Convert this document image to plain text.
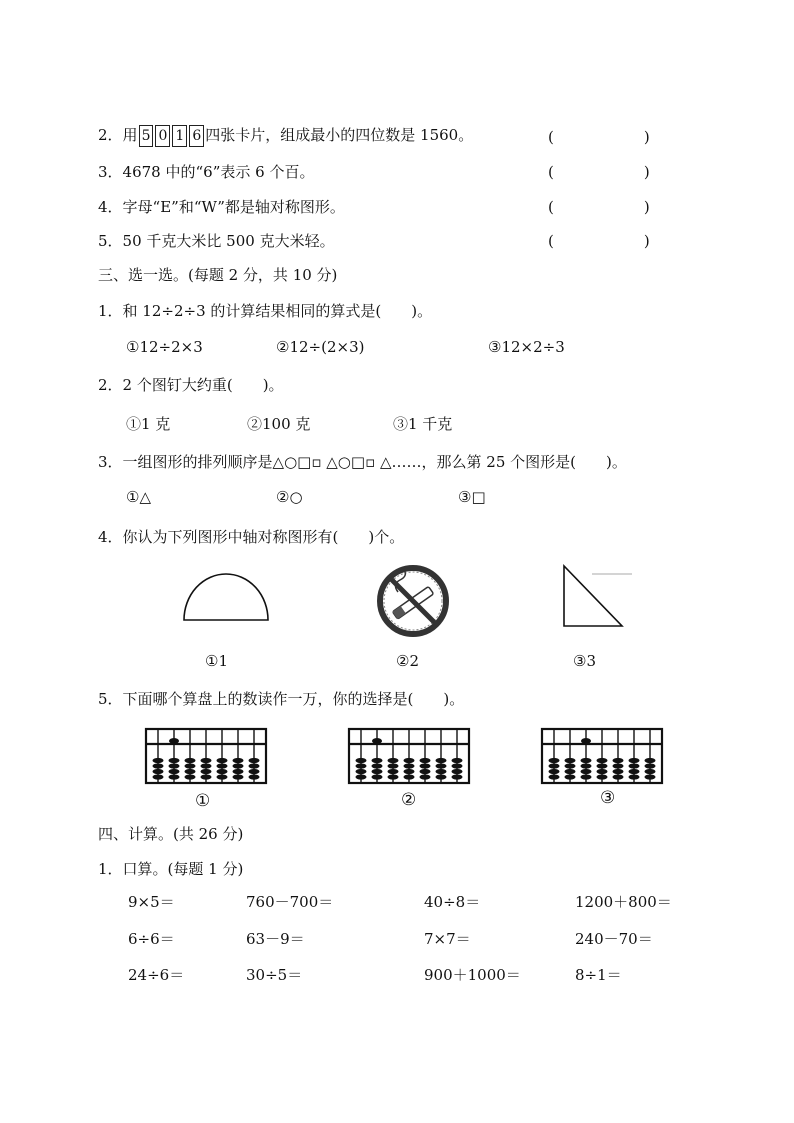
2．用 5 0 1 6 四张卡片，组成最小的四位数是 1560。	(　　)
3．4678 中的“6”表示 6 个百。	(　　)
4．字母“E”和“W”都是轴对称图形。	(　　)
5．50 千克大米比 500 克大米轻。	(　　)
三、选一选。(每题 2 分，共 10 分)
1．和 12÷2÷3 的计算结果相同的算式是(　　)。
①12÷2×3	②12÷(2×3)	③12×2÷3
2．2 个图钉大约重(　　)。
①1 克	②100 克	③1 千克
3．一组图形的排列顺序是△○□▫ △○□▫ △……，那么第 25 个图形是(　　)。
①△	②○	③□
4．你认为下列图形中轴对称图形有(　　)个。
①1	②2	③3
5．下面哪个算盘上的数读作一万，你的选择是(　　)。
①	②	③
四、计算。(共 26 分)
1．口算。(每题 1 分)
9×5＝	760－700＝	40÷8＝	1200＋800＝
6÷6＝	63－9＝	7×7＝	240－70＝
24÷6＝	30÷5＝	900＋1000＝	8÷1＝
